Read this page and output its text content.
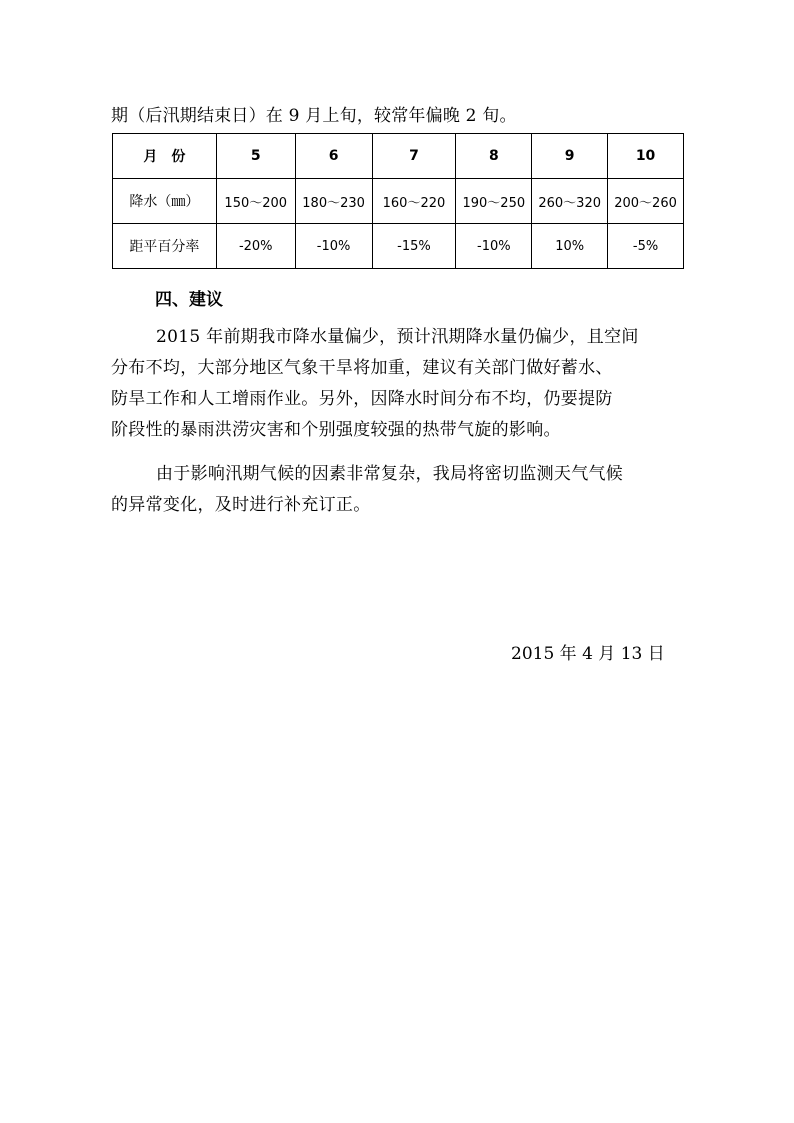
期（后汛期结束日）在 9 月上旬，较常年偏晚 2 旬。
月　份	5	6	7	8	9	10
降水（㎜）	150～200	180～230	160～220	190～250	260～320	200～260
距平百分率	-20%	-10%	-15%	-10%	10%	-5%
四、建议
2015 年前期我市降水量偏少，预计汛期降水量仍偏少，且空间
分布不均，大部分地区气象干旱将加重，建议有关部门做好蓄水、
防旱工作和人工增雨作业。另外，因降水时间分布不均，仍要提防
阶段性的暴雨洪涝灾害和个别强度较强的热带气旋的影响。
由于影响汛期气候的因素非常复杂，我局将密切监测天气气候
的异常变化，及时进行补充订正。
2015 年 4 月 13 日
